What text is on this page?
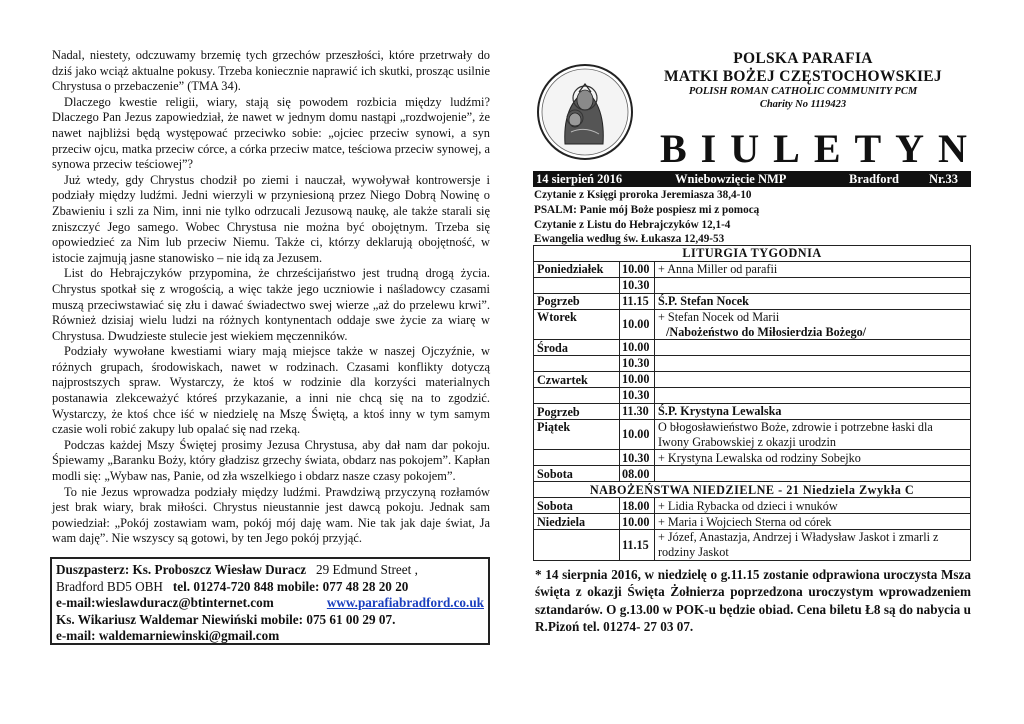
Nadal, niestety, odczuwamy brzemię tych grzechów przeszłości, które przetrwały do dziś jako wciąż aktualne pokusy. Trzeba koniecznie naprawić ich skutki, prosząc usilnie Chrystusa o przebaczenie” (TMA 34).

Dlaczego kwestie religii, wiary, stają się powodem rozbicia między ludźmi? Dlaczego Pan Jezus zapowiedział, że nawet w jednym domu nastąpi „rozdwojenie”, że nawet najbliżsi będą występować przeciwko sobie: „ojciec przeciw synowi, a syn przeciw ojcu, matka przeciw córce, a córka przeciw matce, teściowa przeciw synowej, a synowa przeciw teściowej”?

Już wtedy, gdy Chrystus chodził po ziemi i nauczał, wywoływał kontrowersje i podziały między ludźmi. Jedni wierzyli w przyniesioną przez Niego Dobrą Nowinę o Zbawieniu i szli za Nim, inni nie tylko odrzucali Jezusową naukę, ale także starali się zniszczyć Jego samego. Wobec Chrystusa nie można być obojętnym. Trzeba się opowiedzieć za Nim lub przeciw Niemu. Także ci, którzy deklarują obojętność, w istocie zajmują jasne stanowisko – nie idą za Jezusem.

List do Hebrajczyków przypomina, że chrześcijaństwo jest trudną drogą życia. Chrystus spotkał się z wrogością, a więc także jego uczniowie i naśladowcy czasami muszą przeciwstawiać się złu i dawać świadectwo swej wierze „aż do przelewu krwi”. Również dzisiaj wielu ludzi na różnych kontynentach oddaje swe życie za wiarę w Chrystusa. Dwudzieste stulecie jest wiekiem męczenników.

Podziały wywołane kwestiami wiary mają miejsce także w naszej Ojczyźnie, w różnych grupach, środowiskach, nawet w rodzinach. Czasami konflikty dotyczą najprostszych spraw. Wystarczy, że ktoś w rodzinie dla korzyści materialnych postanawia zlekceważyć któreś przykazanie, a inni nie chcą się na to zgodzić. Wystarczy, że ktoś chce iść w niedzielę na Mszę Świętą, a ktoś inny w tym samym czasie woli robić zakupy lub opalać się nad rzeką.

Podczas każdej Mszy Świętej prosimy Jezusa Chrystusa, aby dał nam dar pokoju. Śpiewamy „Baranku Boży, który gładzisz grzechy świata, obdarz nas pokojem”. Kapłan modli się: „Wybaw nas, Panie, od zła wszelkiego i obdarz nasze czasy pokojem”.

To nie Jezus wprowadza podziały między ludźmi. Prawdziwą przyczyną rozłamów jest brak wiary, brak miłości. Chrystus nieustannie jest dawcą pokoju. Jednak sam powiedział: „Pokój zostawiam wam, pokój mój daję wam. Nie tak jak daje świat, Ja wam daję”. Nie wszyscy są gotowi, by ten Jego pokój przyjąć.

Duszpasterz: Ks. Proboszcz Wiesław Duracz 29 Edmund Street ,
Bradford BD5 OBH tel. 01274-720 848 mobile: 077 48 28 20 20
e-mail:wieslawduracz@btinternet.com	www.parafiabradford.co.uk
Ks. Wikariusz Waldemar Niewiński mobile: 075 61 00 29 07.
e-mail: waldemarniewinski@gmail.com
POLSKA PARAFIA
MATKI BOŻEJ CZĘSTOCHOWSKIEJ
POLISH ROMAN CATHOLIC COMMUNITY PCM
Charity No 1119423
BIULETYN
14 sierpień 2016	Wniebowzięcie NMP	Bradford Nr.33
Czytanie z Księgi proroka Jeremiasza 38,4-10
PSALM: Panie mój Boże pospiesz mi z pomocą
Czytanie z Listu do Hebrajczyków 12,1-4
Ewangelia według św. Łukasza 12,49-53
LITURGIA TYGODNIA		
Poniedziałek	10.00	+ Anna Miller od parafii
	10.30	
Pogrzeb	11.15	Ś.P. Stefan Nocek
Wtorek	10.00	+ Stefan Nocek od Marii
/Nabożeństwo do Miłosierdzia Bożego/

Środa	10.00	
	10.30	
Czwartek	10.00	
	10.30	
Pogrzeb	11.30	Ś.P. Krystyna Lewalska
Piątek	10.00	O błogosławieństwo Boże, zdrowie i potrzebne łaski dla
Iwony Grabowskiej z okazji urodzin

	10.30	+ Krystyna Lewalska od rodziny Sobejko
Sobota	08.00	
NABOŻEŃSTWA NIEDZIELNE - 21 Niedziela Zwykła C		
Sobota	18.00	+ Lidia Rybacka od dzieci i wnuków
Niedziela	10.00	+ Maria i Wojciech Sterna od córek
	11.15	+ Józef, Anastazja, Andrzej i Władysław Jaskot i zmarli z
rodziny Jaskot
* 14 sierpnia 2016, w niedzielę o g.11.15 zostanie odprawiona uroczysta Msza święta z okazji Święta Żołnierza poprzedzona uroczystym wprowadzeniem sztandarów. O g.13.00 w POK-u będzie obiad. Cena biletu Ł8 są do nabycia u R.Pizoń tel. 01274- 27 03 07.
